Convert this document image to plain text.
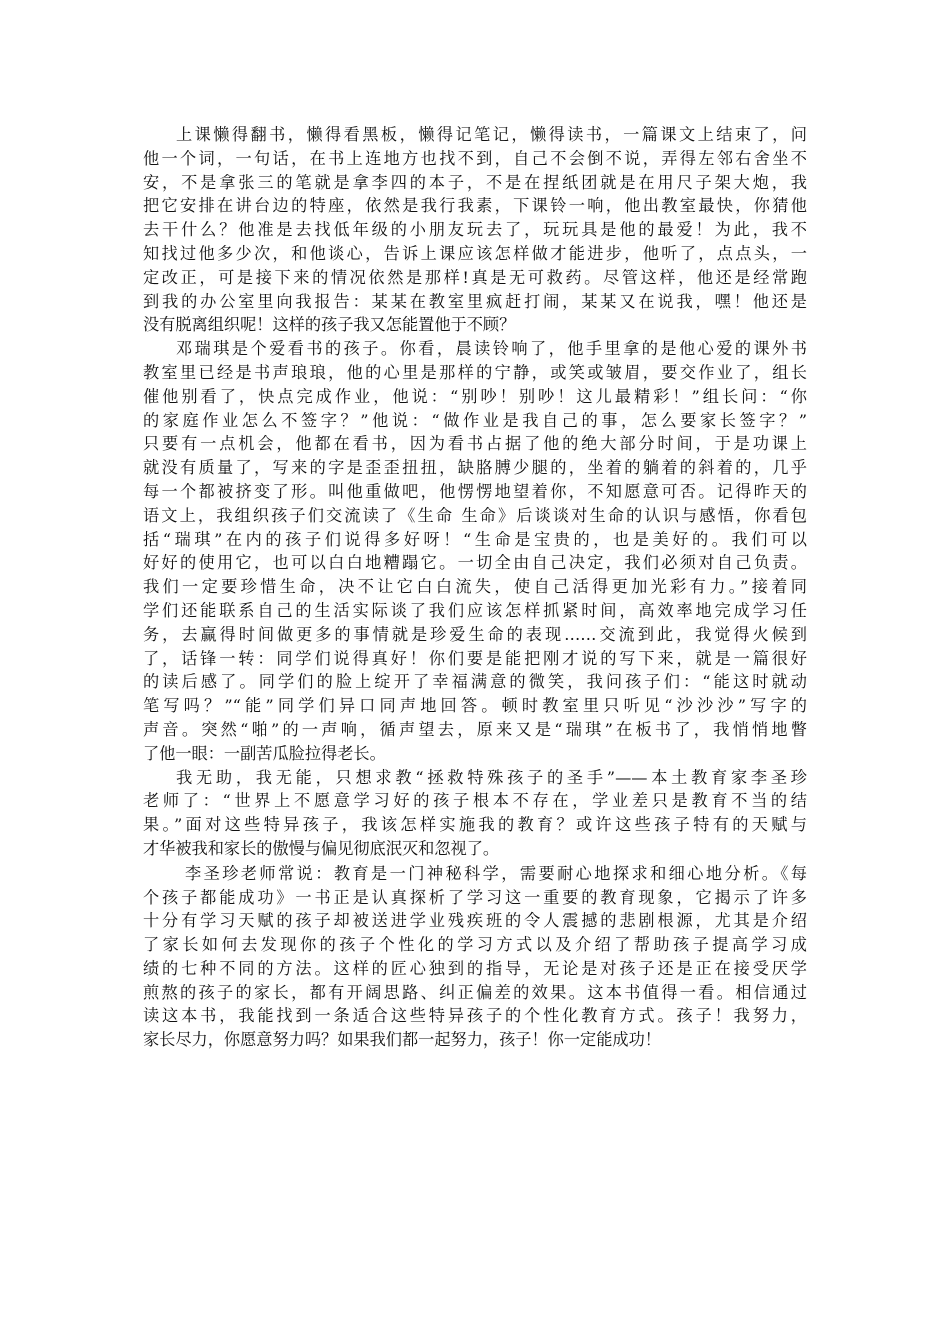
上课懒得翻书，懒得看黑板，懒得记笔记，懒得读书，一篇课文上结束了，问
他一个词，一句话，在书上连地方也找不到，自己不会倒不说，弄得左邻右舍坐不
安，不是拿张三的笔就是拿李四的本子，不是在捏纸团就是在用尺子架大炮，我
把它安排在讲台边的特座，依然是我行我素，下课铃一响，他出教室最快，你猜他
去干什么？他准是去找低年级的小朋友玩去了，玩玩具是他的最爱！为此，我不
知找过他多少次，和他谈心，告诉上课应该怎样做才能进步，他听了，点点头，一
定改正，可是接下来的情况依然是那样!真是无可救药。尽管这样，他还是经常跑
到我的办公室里向我报告：某某在教室里疯赶打闹，某某又在说我，嘿！他还是
没有脱离组织呢！这样的孩子我又怎能置他于不顾？

邓瑞琪是个爱看书的孩子。你看，晨读铃响了，他手里拿的是他心爱的课外书
教室里已经是书声琅琅，他的心里是那样的宁静，或笑或皱眉，要交作业了，组长
催他别看了，快点完成作业，他说：“别吵！别吵！这儿最精彩！”组长问：“你
的家庭作业怎么不签字？”他说：“做作业是我自己的事，怎么要家长签字？”
只要有一点机会，他都在看书，因为看书占据了他的绝大部分时间，于是功课上
就没有质量了，写来的字是歪歪扭扭，缺胳膊少腿的，坐着的躺着的斜着的，几乎
每一个都被挤变了形。叫他重做吧，他愣愣地望着你，不知愿意可否。记得昨天的
语文上，我组织孩子们交流读了《生命 生命》后谈谈对生命的认识与感悟，你看包
括“瑞琪”在内的孩子们说得多好呀！“生命是宝贵的，也是美好的。我们可以
好好的使用它，也可以白白地糟蹋它。一切全由自己决定，我们必须对自己负责。
我们一定要珍惜生命，决不让它白白流失，使自己活得更加光彩有力。”接着同
学们还能联系自己的生活实际谈了我们应该怎样抓紧时间，高效率地完成学习任
务，去赢得时间做更多的事情就是珍爱生命的表现……交流到此，我觉得火候到
了，话锋一转：同学们说得真好！你们要是能把刚才说的写下来，就是一篇很好
的读后感了。同学们的脸上绽开了幸福满意的微笑，我问孩子们：“能这时就动
笔写吗？”“能”同学们异口同声地回答。顿时教室里只听见“沙沙沙”写字的
声音。突然“啪”的一声响，循声望去，原来又是“瑞琪”在板书了，我悄悄地瞥
了他一眼：一副苦瓜脸拉得老长。

我无助，我无能，只想求教“拯救特殊孩子的圣手”——本土教育家李圣珍
老师了：“世界上不愿意学习好的孩子根本不存在，学业差只是教育不当的结
果。”面对这些特异孩子，我该怎样实施我的教育？或许这些孩子特有的天赋与
才华被我和家长的傲慢与偏见彻底泯灭和忽视了。

李圣珍老师常说：教育是一门神秘科学，需要耐心地探求和细心地分析。《每
个孩子都能成功》一书正是认真探析了学习这一重要的教育现象，它揭示了许多
十分有学习天赋的孩子却被送进学业残疾班的令人震撼的悲剧根源，尤其是介绍
了家长如何去发现你的孩子个性化的学习方式以及介绍了帮助孩子提高学习成
绩的七种不同的方法。这样的匠心独到的指导，无论是对孩子还是正在接受厌学
煎熬的孩子的家长，都有开阔思路、纠正偏差的效果。这本书值得一看。相信通过
读这本书，我能找到一条适合这些特异孩子的个性化教育方式。孩子！我努力，
家长尽力，你愿意努力吗？如果我们都一起努力，孩子！你一定能成功！
